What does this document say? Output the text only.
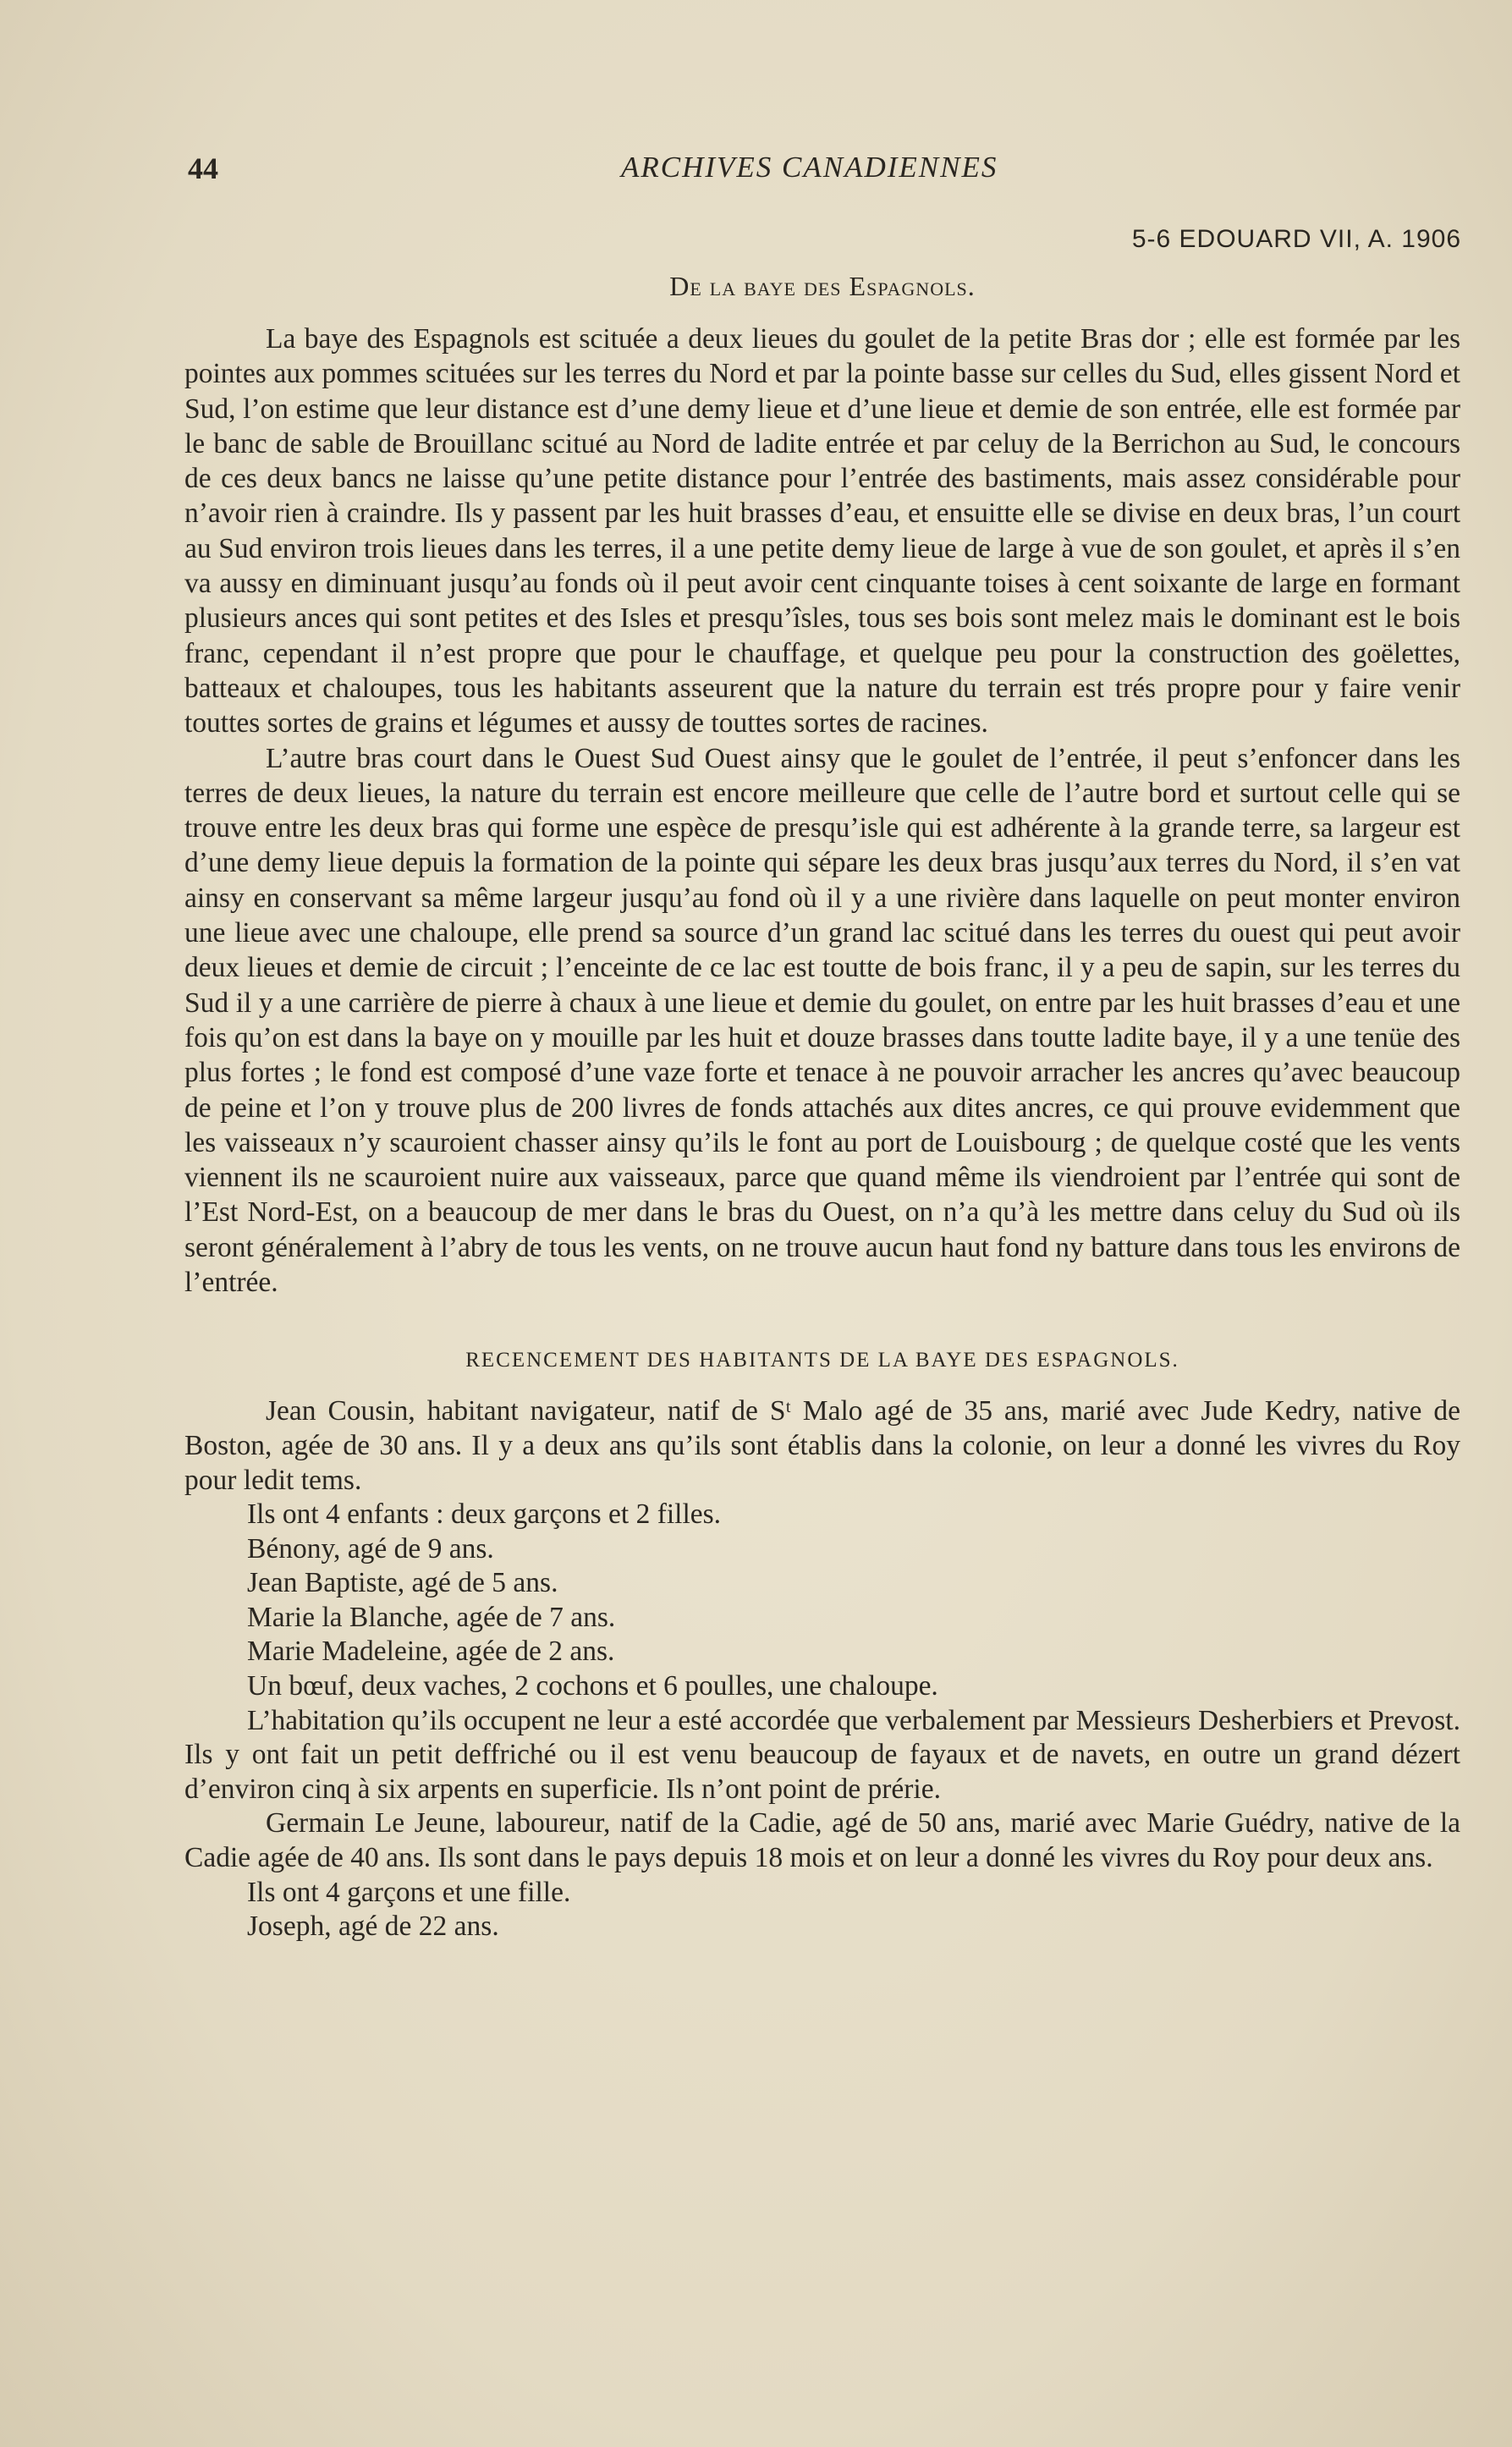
44	ARCHIVES CANADIENNES
5-6 EDOUARD VII, A. 1906
De la baye des Espagnols.

La baye des Espagnols est scituée a deux lieues du goulet de la petite Bras dor ; elle est formée par les pointes aux pommes scituées sur les terres du Nord et par la pointe basse sur celles du Sud, elles gissent Nord et Sud, l’on estime que leur distance est d’une demy lieue et d’une lieue et demie de son entrée, elle est formée par le banc de sable de Brouillanc scitué au Nord de ladite entrée et par celuy de la Berrichon au Sud, le concours de ces deux bancs ne laisse qu’une petite distance pour l’entrée des bastiments, mais assez considérable pour n’avoir rien à craindre. Ils y passent par les huit brasses d’eau, et ensuitte elle se divise en deux bras, l’un court au Sud environ trois lieues dans les terres, il a une petite demy lieue de large à vue de son goulet, et après il s’en va aussy en diminuant jusqu’au fonds où il peut avoir cent cinquante toises à cent soixante de large en formant plusieurs ances qui sont petites et des Isles et presqu’îsles, tous ses bois sont melez mais le dominant est le bois franc, cependant il n’est propre que pour le chauffage, et quelque peu pour la construction des goëlettes, batteaux et chaloupes, tous les habitants asseurent que la nature du terrain est trés propre pour y faire venir touttes sortes de grains et légumes et aussy de touttes sortes de racines.

L’autre bras court dans le Ouest Sud Ouest ainsy que le goulet de l’entrée, il peut s’enfoncer dans les terres de deux lieues, la nature du terrain est encore meilleure que celle de l’autre bord et surtout celle qui se trouve entre les deux bras qui forme une espèce de presqu’isle qui est adhérente à la grande terre, sa largeur est d’une demy lieue depuis la formation de la pointe qui sépare les deux bras jusqu’aux terres du Nord, il s’en vat ainsy en conservant sa même largeur jusqu’au fond où il y a une rivière dans laquelle on peut monter environ une lieue avec une chaloupe, elle prend sa source d’un grand lac scitué dans les terres du ouest qui peut avoir deux lieues et demie de circuit ; l’enceinte de ce lac est toutte de bois franc, il y a peu de sapin, sur les terres du Sud il y a une carrière de pierre à chaux à une lieue et demie du goulet, on entre par les huit brasses d’eau et une fois qu’on est dans la baye on y mouille par les huit et douze brasses dans toutte ladite baye, il y a une tenüe des plus fortes ; le fond est composé d’une vaze forte et tenace à ne pouvoir arracher les ancres qu’avec beaucoup de peine et l’on y trouve plus de 200 livres de fonds attachés aux dites ancres, ce qui prouve evidemment que les vaisseaux n’y scauroient chasser ainsy qu’ils le font au port de Louisbourg ; de quelque costé que les vents viennent ils ne scauroient nuire aux vaisseaux, parce que quand même ils viendroient par l’entrée qui sont de l’Est Nord-Est, on a beaucoup de mer dans le bras du Ouest, on n’a qu’à les mettre dans celuy du Sud où ils seront généralement à l’abry de tous les vents, on ne trouve aucun haut fond ny batture dans tous les environs de l’entrée.

RECENCEMENT DES HABITANTS DE LA BAYE DES ESPAGNOLS.

Jean Cousin, habitant navigateur, natif de Sᵗ Malo agé de 35 ans, marié avec Jude Kedry, native de Boston, agée de 30 ans. Il y a deux ans qu’ils sont établis dans la colonie, on leur a donné les vivres du Roy pour ledit tems.

Ils ont 4 enfants : deux garçons et 2 filles.

Bénony, agé de 9 ans.

Jean Baptiste, agé de 5 ans.

Marie la Blanche, agée de 7 ans.

Marie Madeleine, agée de 2 ans.

Un bœuf, deux vaches, 2 cochons et 6 poulles, une chaloupe.

L’habitation qu’ils occupent ne leur a esté accordée que verbalement par Messieurs Desherbiers et Prevost. Ils y ont fait un petit deffriché ou il est venu beaucoup de fayaux et de navets, en outre un grand dézert d’environ cinq à six arpents en superficie. Ils n’ont point de prérie.

Germain Le Jeune, laboureur, natif de la Cadie, agé de 50 ans, marié avec Marie Guédry, native de la Cadie agée de 40 ans. Ils sont dans le pays depuis 18 mois et on leur a donné les vivres du Roy pour deux ans.

Ils ont 4 garçons et une fille.

Joseph, agé de 22 ans.
